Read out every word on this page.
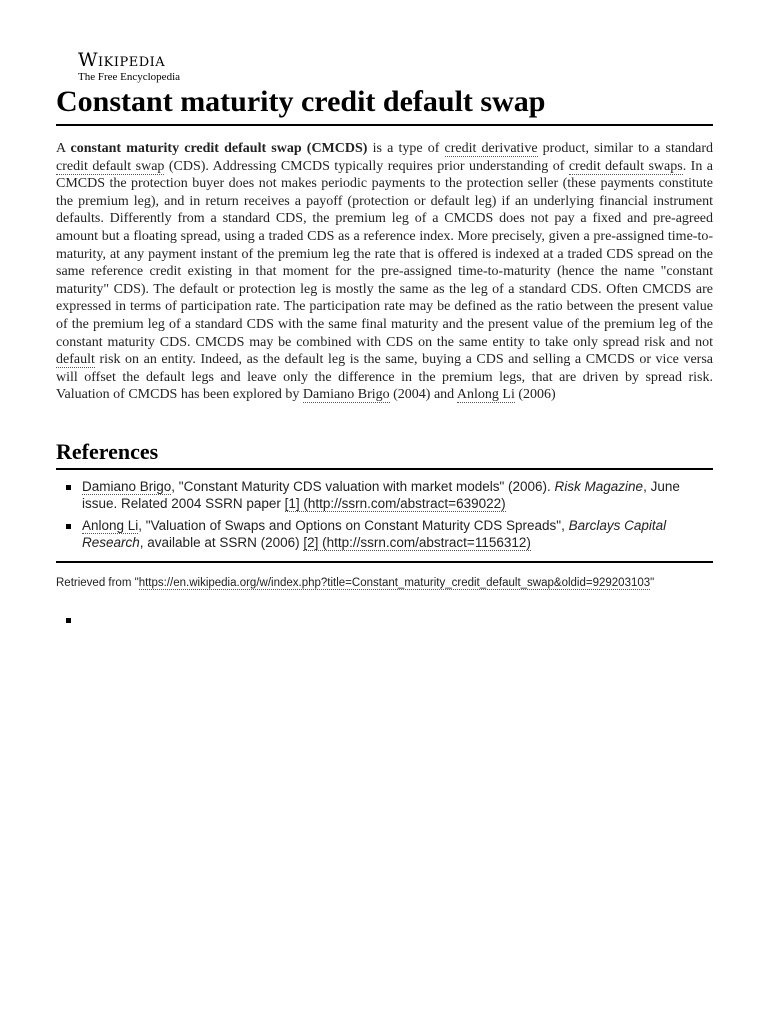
Wikipedia
The Free Encyclopedia
Constant maturity credit default swap

A constant maturity credit default swap (CMCDS) is a type of credit derivative product, similar to a standard credit default swap (CDS). Addressing CMCDS typically requires prior understanding of credit default swaps. In a CMCDS the protection buyer does not makes periodic payments to the protection seller (these payments constitute the premium leg), and in return receives a payoff (protection or default leg) if an underlying financial instrument defaults. Differently from a standard CDS, the premium leg of a CMCDS does not pay a fixed and pre-agreed amount but a floating spread, using a traded CDS as a reference index. More precisely, given a pre-assigned time-to-maturity, at any payment instant of the premium leg the rate that is offered is indexed at a traded CDS spread on the same reference credit existing in that moment for the pre-assigned time-to-maturity (hence the name "constant maturity" CDS). The default or protection leg is mostly the same as the leg of a standard CDS. Often CMCDS are expressed in terms of participation rate. The participation rate may be defined as the ratio between the present value of the premium leg of a standard CDS with the same final maturity and the present value of the premium leg of the constant maturity CDS. CMCDS may be combined with CDS on the same entity to take only spread risk and not default risk on an entity. Indeed, as the default leg is the same, buying a CDS and selling a CMCDS or vice versa will offset the default legs and leave only the difference in the premium legs, that are driven by spread risk. Valuation of CMCDS has been explored by Damiano Brigo (2004) and Anlong Li (2006)

References
Damiano Brigo, "Constant Maturity CDS valuation with market models" (2006). Risk Magazine, June issue. Related 2004 SSRN paper [1] (http://ssrn.com/abstract=639022)
Anlong Li, "Valuation of Swaps and Options on Constant Maturity CDS Spreads", Barclays Capital Research, available at SSRN (2006) [2] (http://ssrn.com/abstract=1156312)
Retrieved from "https://en.wikipedia.org/w/index.php?title=Constant_maturity_credit_default_swap&oldid=929203103"
